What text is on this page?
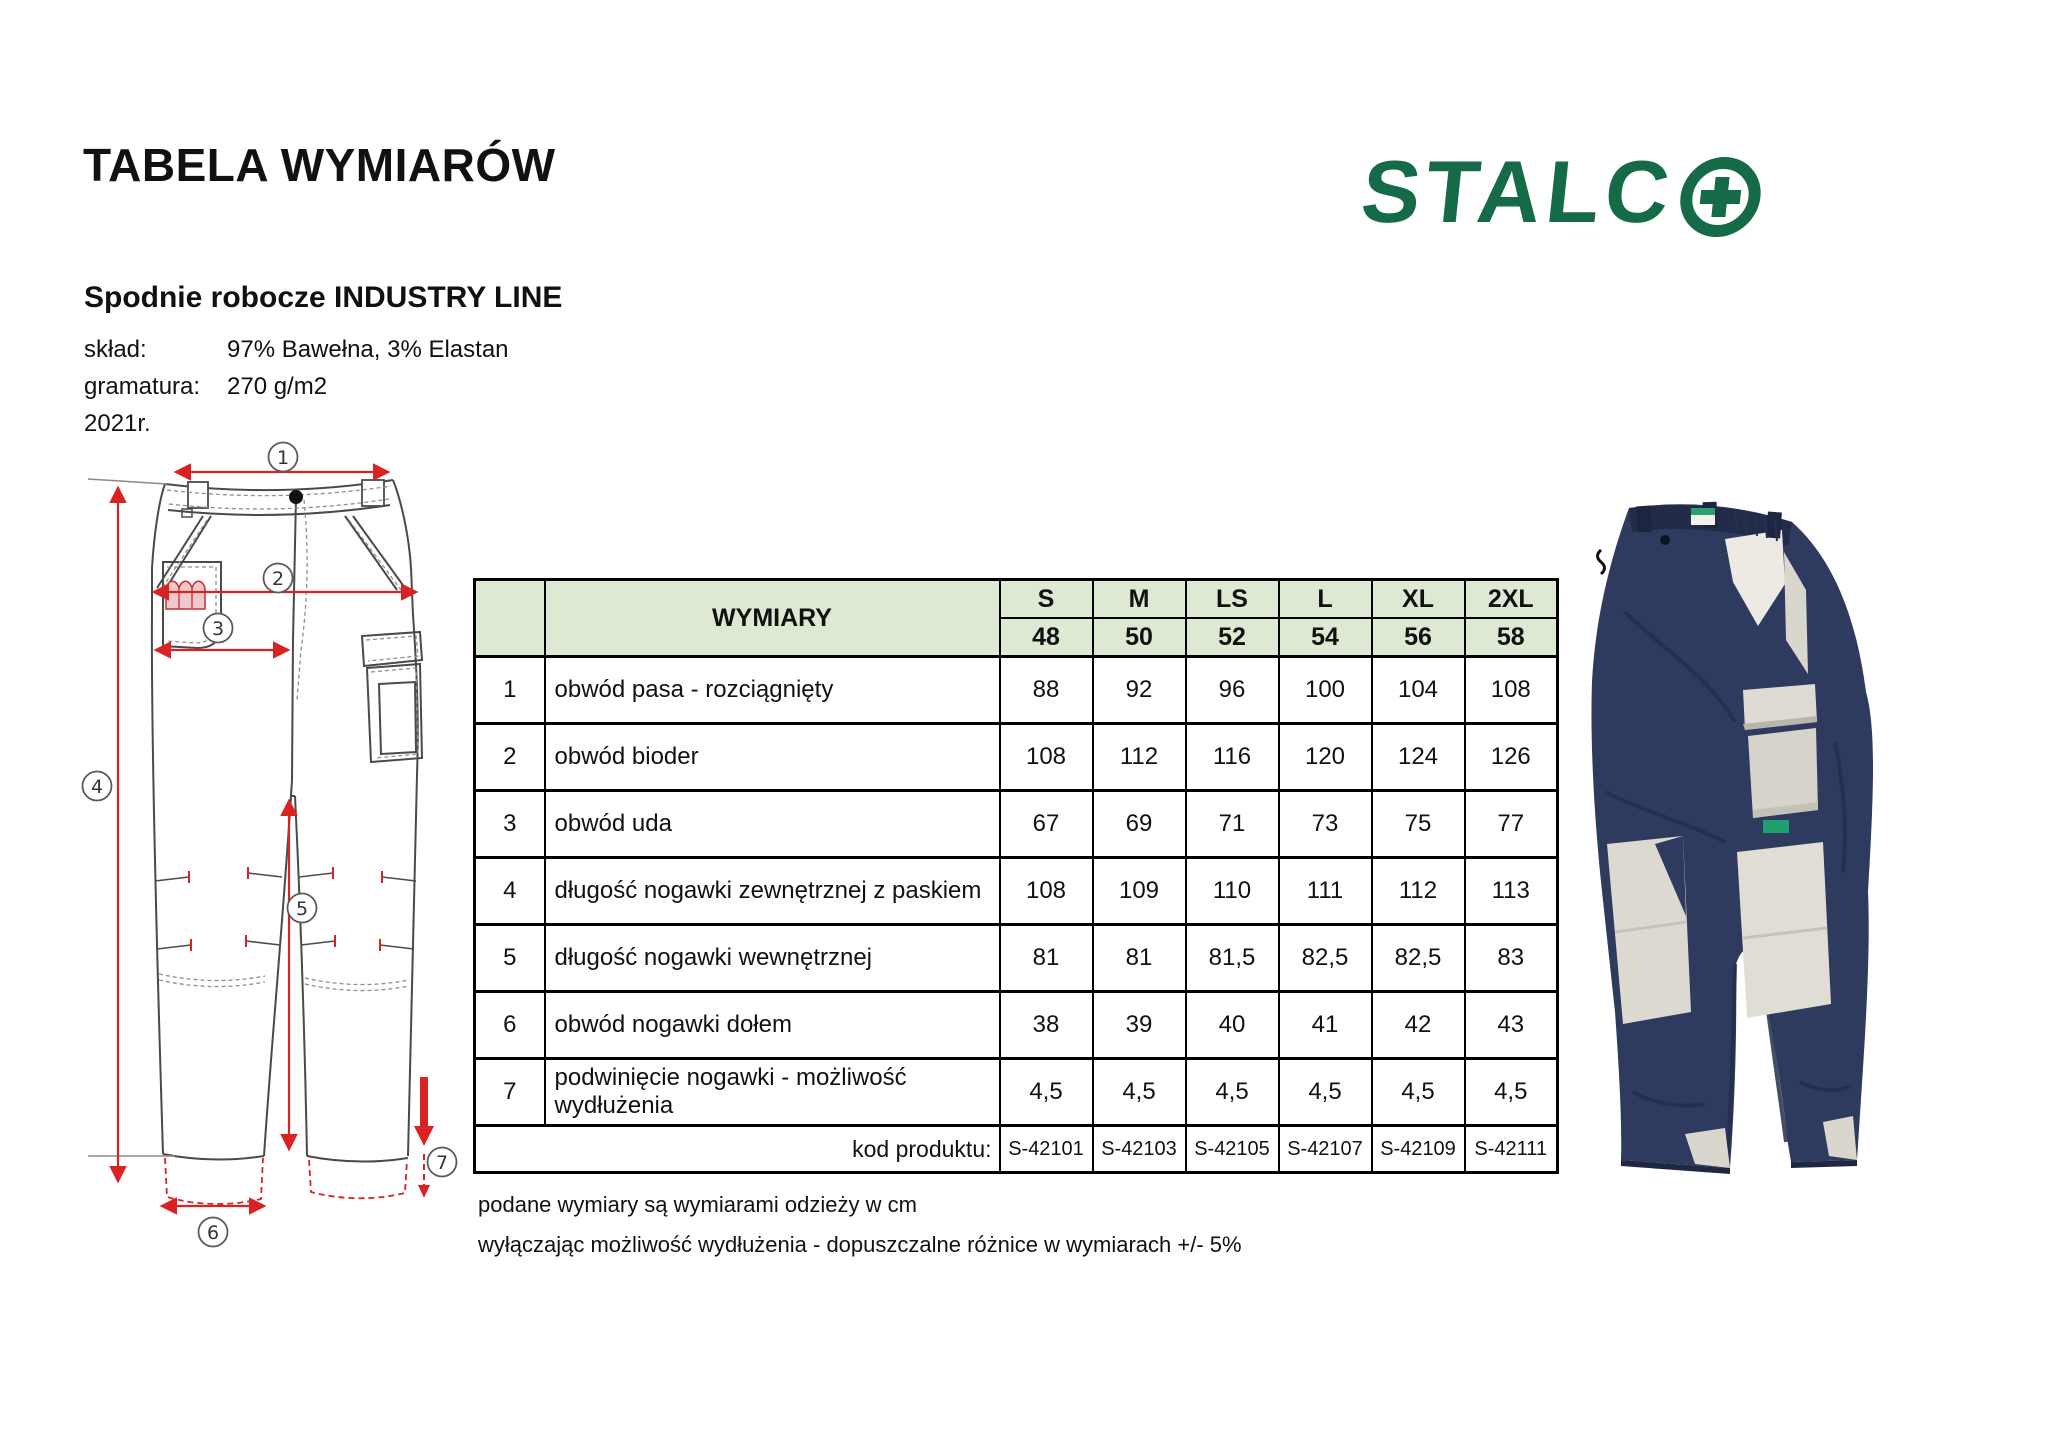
TABELA WYMIARÓW	STALC
Spodnie robocze INDUSTRY LINE
skład:	97% Bawełna, 3% Elastan
gramatura:	270 g/m2
2021r.
1
2
3
4
5
6
7
	WYMIARY	S	M	LS	L	XL	2XL
		48	50	52	54	56	58
1	obwód pasa - rozciągnięty	88	92	96	100	104	108
2	obwód bioder	108	112	116	120	124	126
3	obwód uda	67	69	71	73	75	77
4	długość nogawki zewnętrznej z paskiem	108	109	110	111	112	113
5	długość nogawki wewnętrznej	81	81	81,5	82,5	82,5	83
6	obwód nogawki dołem	38	39	40	41	42	43
7	podwinięcie nogawki - możliwość wydłużenia	4,5	4,5	4,5	4,5	4,5	4,5
kod produktu:		S-42101	S-42103	S-42105	S-42107	S-42109	S-42111
podane wymiary są wymiarami odzieży w cm
wyłączając możliwość wydłużenia - dopuszczalne różnice w wymiarach +/- 5%
